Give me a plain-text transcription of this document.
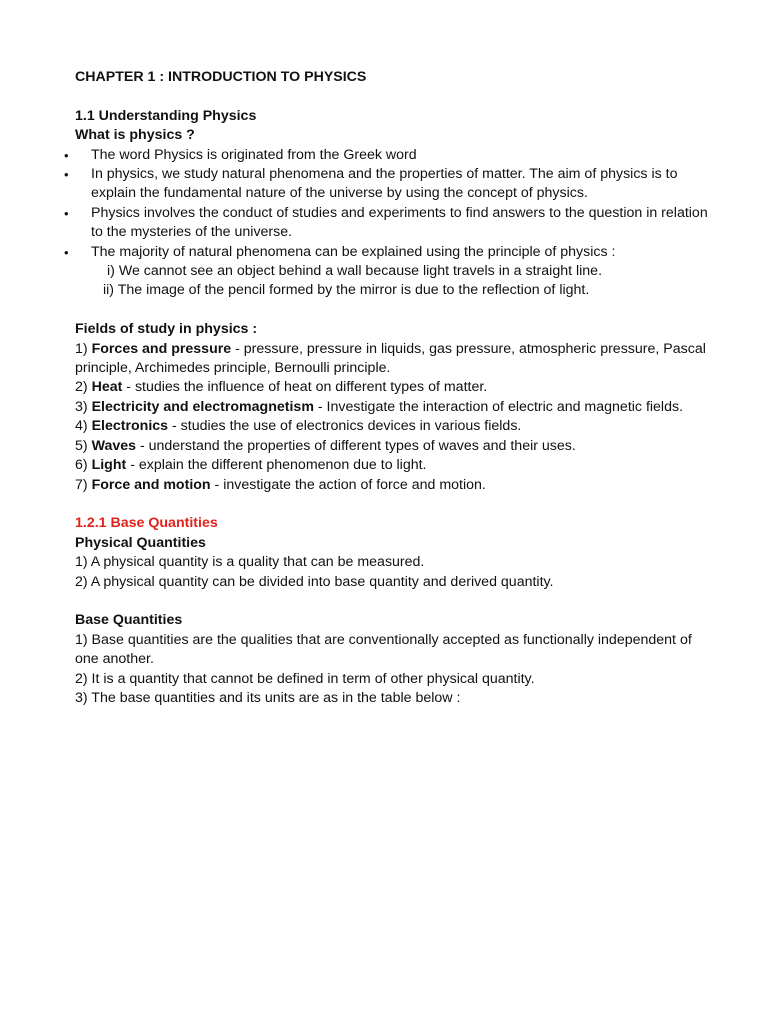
CHAPTER 1 : INTRODUCTION TO PHYSICS
1.1 Understanding Physics
What is physics ?
• The word Physics is originated from the Greek word
• In physics, we study natural phenomena and the properties of matter. The aim of physics is to explain the fundamental nature of the universe by using the concept of physics.
• Physics involves the conduct of studies and experiments to find answers to the question in relation to the mysteries of the universe.
• The majority of natural phenomena can be explained using the principle of physics :
i) We cannot see an object behind a wall because light travels in a straight line.
ii) The image of the pencil formed by the mirror is due to the reflection of light.
Fields of study in physics :
1) Forces and pressure - pressure, pressure in liquids, gas pressure, atmospheric pressure, Pascal
principle, Archimedes principle, Bernoulli principle.
2) Heat - studies the influence of heat on different types of matter.
3) Electricity and electromagnetism - Investigate the interaction of electric and magnetic fields.
4) Electronics - studies the use of electronics devices in various fields.
5) Waves - understand the properties of different types of waves and their uses.
6) Light - explain the different phenomenon due to light.
7) Force and motion - investigate the action of force and motion.
1.2.1 Base Quantities
Physical Quantities
1) A physical quantity is a quality that can be measured.
2) A physical quantity can be divided into base quantity and derived quantity.
Base Quantities
1) Base quantities are the qualities that are conventionally accepted as functionally independent of one another.
2) It is a quantity that cannot be defined in term of other physical quantity.
3) The base quantities and its units are as in the table below :
